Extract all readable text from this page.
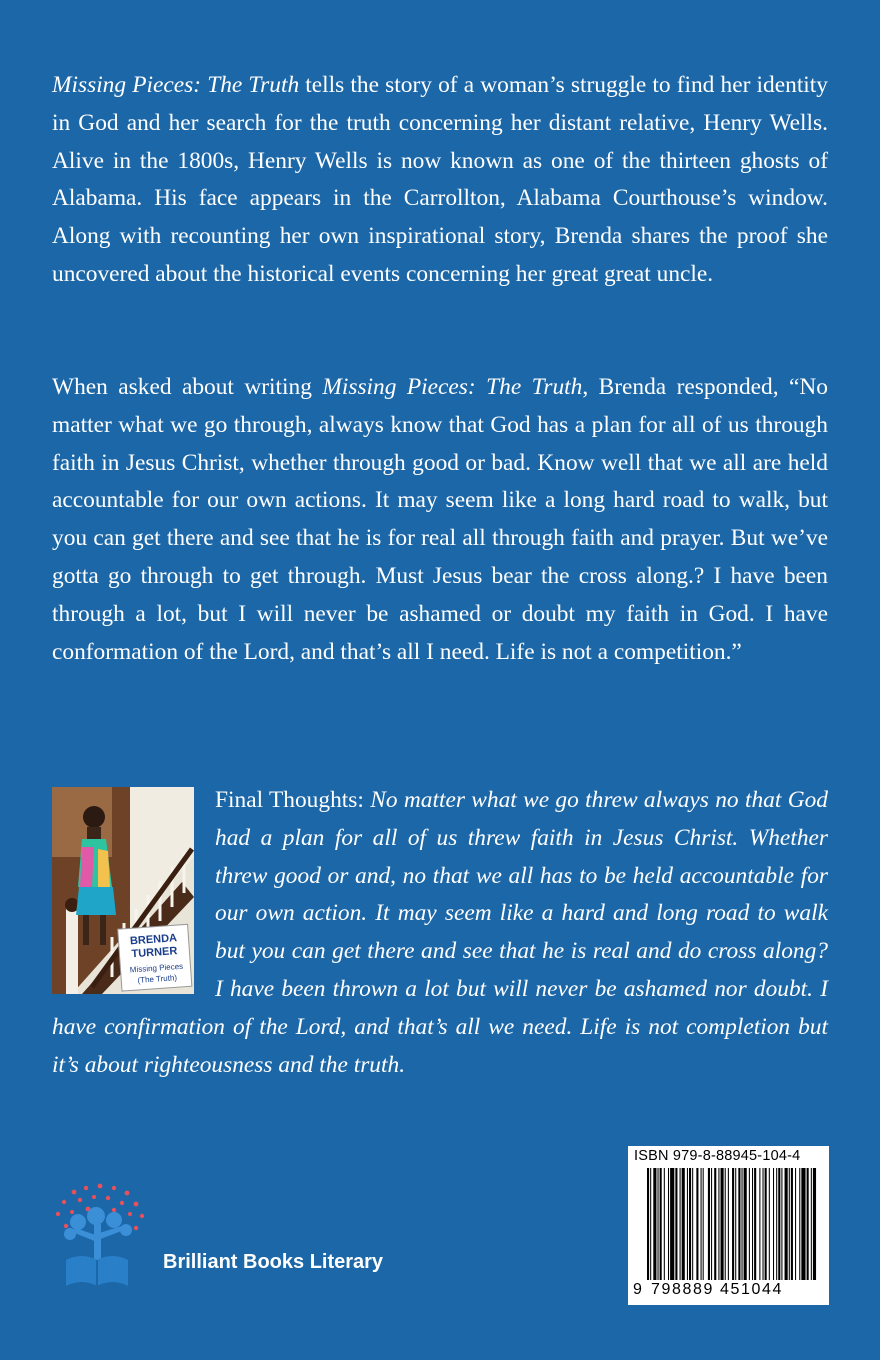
Missing Pieces: The Truth tells the story of a woman’s struggle to find her identity in God and her search for the truth concerning her distant relative, Henry Wells. Alive in the 1800s, Henry Wells is now known as one of the thirteen ghosts of Alabama. His face appears in the Carrollton, Alabama Courthouse’s window. Along with recounting her own inspirational story, Brenda shares the proof she uncovered about the historical events concerning her great great uncle.

When asked about writing Missing Pieces: The Truth, Brenda responded, “No matter what we go through, always know that God has a plan for all of us through faith in Jesus Christ, whether through good or bad. Know well that we all are held accountable for our own actions. It may seem like a long hard road to walk, but you can get there and see that he is for real all through faith and prayer. But we’ve gotta go through to get through. Must Jesus bear the cross along.? I have been through a lot, but I will never be ashamed or doubt my faith in God. I have conformation of the Lord, and that’s all I need. Life is not a competition.”

BRENDA
TURNER
Missing Pieces
(The Truth)
Final Thoughts: No matter what we go threw always no that God had a plan for all of us threw faith in Jesus Christ. Whether threw good or and, no that we all has to be held accountable for our own action. It may seem like a hard and long road to walk but you can get there and see that he is real and do cross along? I have been thrown a lot but will never be ashamed nor doubt. I have confirmation of the Lord, and that’s all we need. Life is not completion but it’s about righteousness and the truth.
Brilliant Books Literary
ISBN 979-8-88945-104-4
9 798889 451044
